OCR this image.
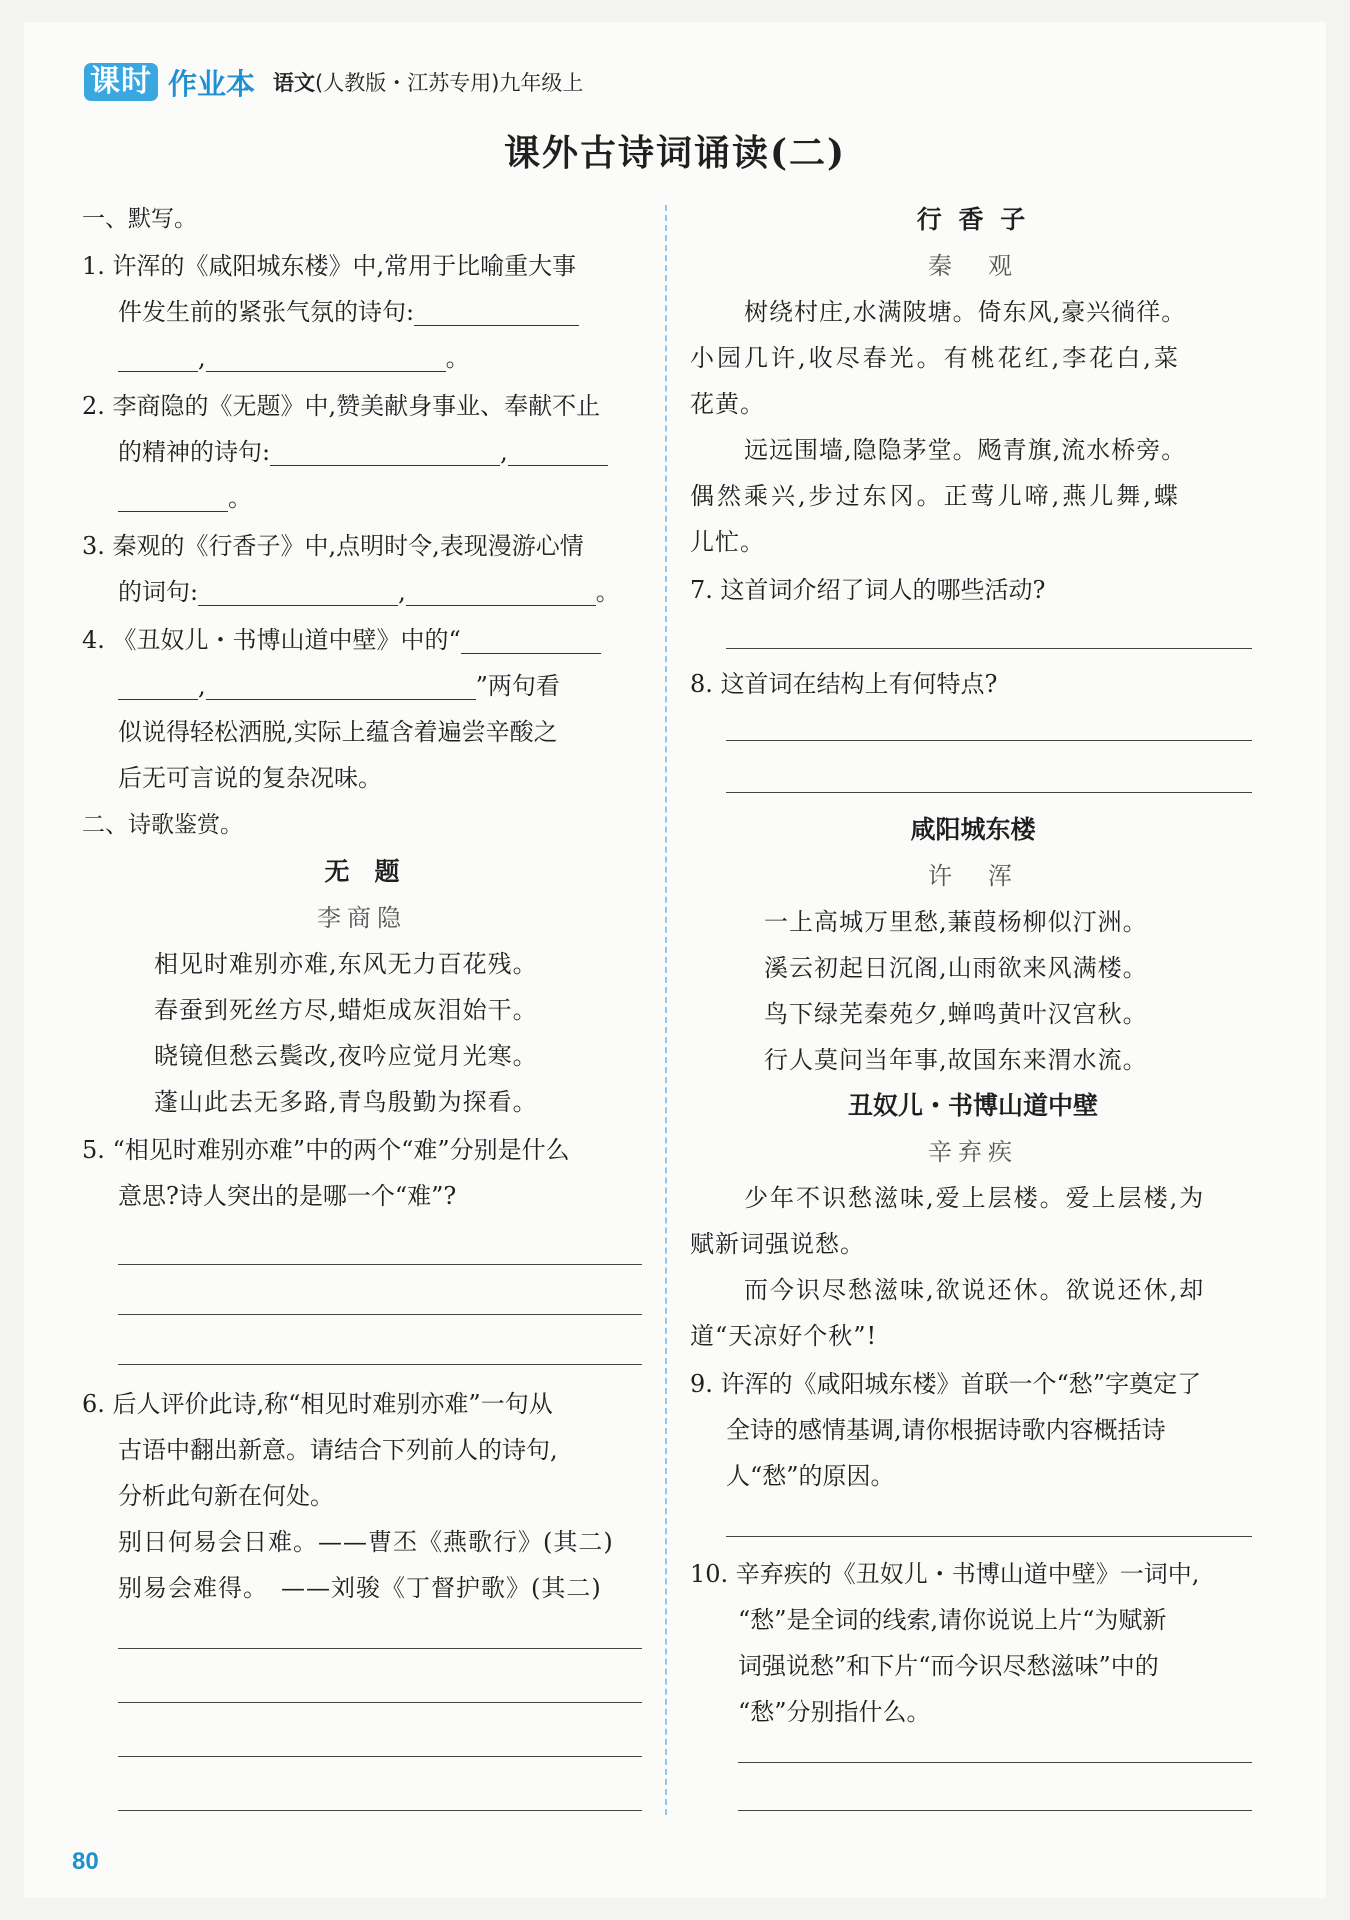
课时 作业本 语文(人教版・江苏专用)九年级上
课外古诗词诵读(二)
一、默写。
1. 许浑的《咸阳城东楼》中,常用于比喻重大事
件发生前的紧张气氛的诗句:
,	。
2. 李商隐的《无题》中,赞美献身事业、奉献不止
的精神的诗句:	,
。
3. 秦观的《行香子》中,点明时令,表现漫游心情
的词句:	,	。
4. 《丑奴儿・书博山道中壁》中的“
,	”两句看
似说得轻松洒脱,实际上蕴含着遍尝辛酸之
后无可言说的复杂况味。
二、诗歌鉴赏。
无　题
李商隐
相见时难别亦难,东风无力百花残。
春蚕到死丝方尽,蜡炬成灰泪始干。
晓镜但愁云鬓改,夜吟应觉月光寒。
蓬山此去无多路,青鸟殷勤为探看。
5. “相见时难别亦难”中的两个“难”分别是什么
意思?诗人突出的是哪一个“难”?
6. 后人评价此诗,称“相见时难别亦难”一句从
古语中翻出新意。请结合下列前人的诗句,
分析此句新在何处。
别日何易会日难。——曹丕《燕歌行》(其二)
别易会难得。　——刘骏《丁督护歌》(其二)
行 香 子
秦　观
树绕村庄,水满陂塘。倚东风,豪兴徜徉。
小园几许,收尽春光。有桃花红,李花白,菜
花黄。
远远围墙,隐隐茅堂。飏青旗,流水桥旁。
偶然乘兴,步过东冈。正莺儿啼,燕儿舞,蝶
儿忙。
7. 这首词介绍了词人的哪些活动?
8. 这首词在结构上有何特点?
咸阳城东楼
许　浑
一上高城万里愁,蒹葭杨柳似汀洲。
溪云初起日沉阁,山雨欲来风满楼。
鸟下绿芜秦苑夕,蝉鸣黄叶汉宫秋。
行人莫问当年事,故国东来渭水流。
丑奴儿・书博山道中壁
辛弃疾
少年不识愁滋味,爱上层楼。爱上层楼,为
赋新词强说愁。
而今识尽愁滋味,欲说还休。欲说还休,却
道“天凉好个秋”!
9. 许浑的《咸阳城东楼》首联一个“愁”字奠定了
全诗的感情基调,请你根据诗歌内容概括诗
人“愁”的原因。
10. 辛弃疾的《丑奴儿・书博山道中壁》一词中,
“愁”是全词的线索,请你说说上片“为赋新
词强说愁”和下片“而今识尽愁滋味”中的
“愁”分别指什么。
80
